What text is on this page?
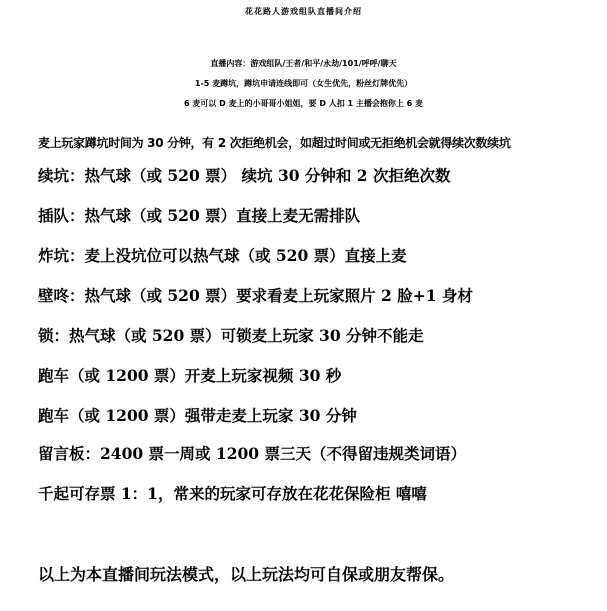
花花路人游戏组队直播间介绍
直播内容：游戏组队/王者/和平/永劫/101/呼呼/聊天
1-5 麦蹲坑，蹲坑申请连线即可（女生优先，粉丝灯牌优先）
6 麦可以 D 麦上的小哥哥小姐姐，要 D 人扣 1 主播会抱你上 6 麦
麦上玩家蹲坑时间为 30 分钟，有 2 次拒绝机会，如超过时间或无拒绝机会就得续次数续坑
续坑：热气球（或 520 票） 续坑 30 分钟和 2 次拒绝次数
插队：热气球（或 520 票）直接上麦无需排队
炸坑：麦上没坑位可以热气球（或 520 票）直接上麦
壁咚：热气球（或 520 票）要求看麦上玩家照片 2 脸+1 身材
锁：热气球（或 520 票）可锁麦上玩家 30 分钟不能走
跑车（或 1200 票）开麦上玩家视频 30 秒
跑车（或 1200 票）强带走麦上玩家 30 分钟
留言板：2400 票一周或 1200 票三天（不得留违规类词语）
千起可存票 1：1，常来的玩家可存放在花花保险柜 嘻嘻
以上为本直播间玩法模式，以上玩法均可自保或朋友帮保。
